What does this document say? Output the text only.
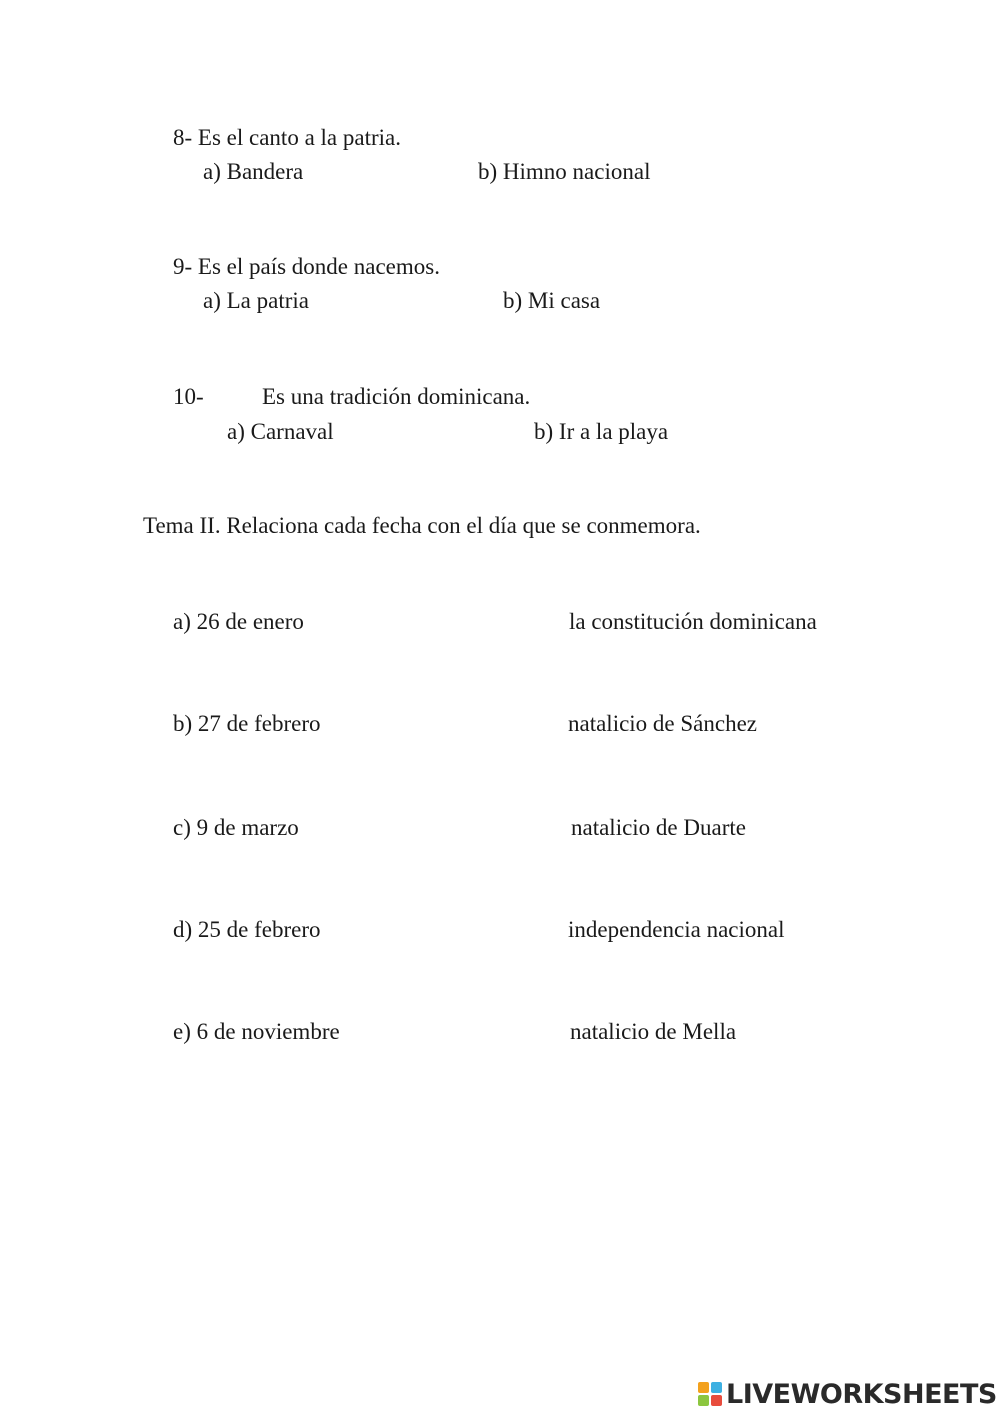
8- Es el canto a la patria.
a) Bandera	b) Himno nacional
9- Es el país donde nacemos.
a) La patria	b) Mi casa
10-	Es una tradición dominicana.
a) Carnaval	b) Ir a la playa
Tema II. Relaciona cada fecha con el día que se conmemora.
a) 26 de enero	la constitución dominicana
b) 27 de febrero	natalicio de Sánchez
c) 9 de marzo	natalicio de Duarte
d) 25 de febrero	independencia nacional
e) 6 de noviembre	natalicio de Mella
LIVEWORKSHEETS
